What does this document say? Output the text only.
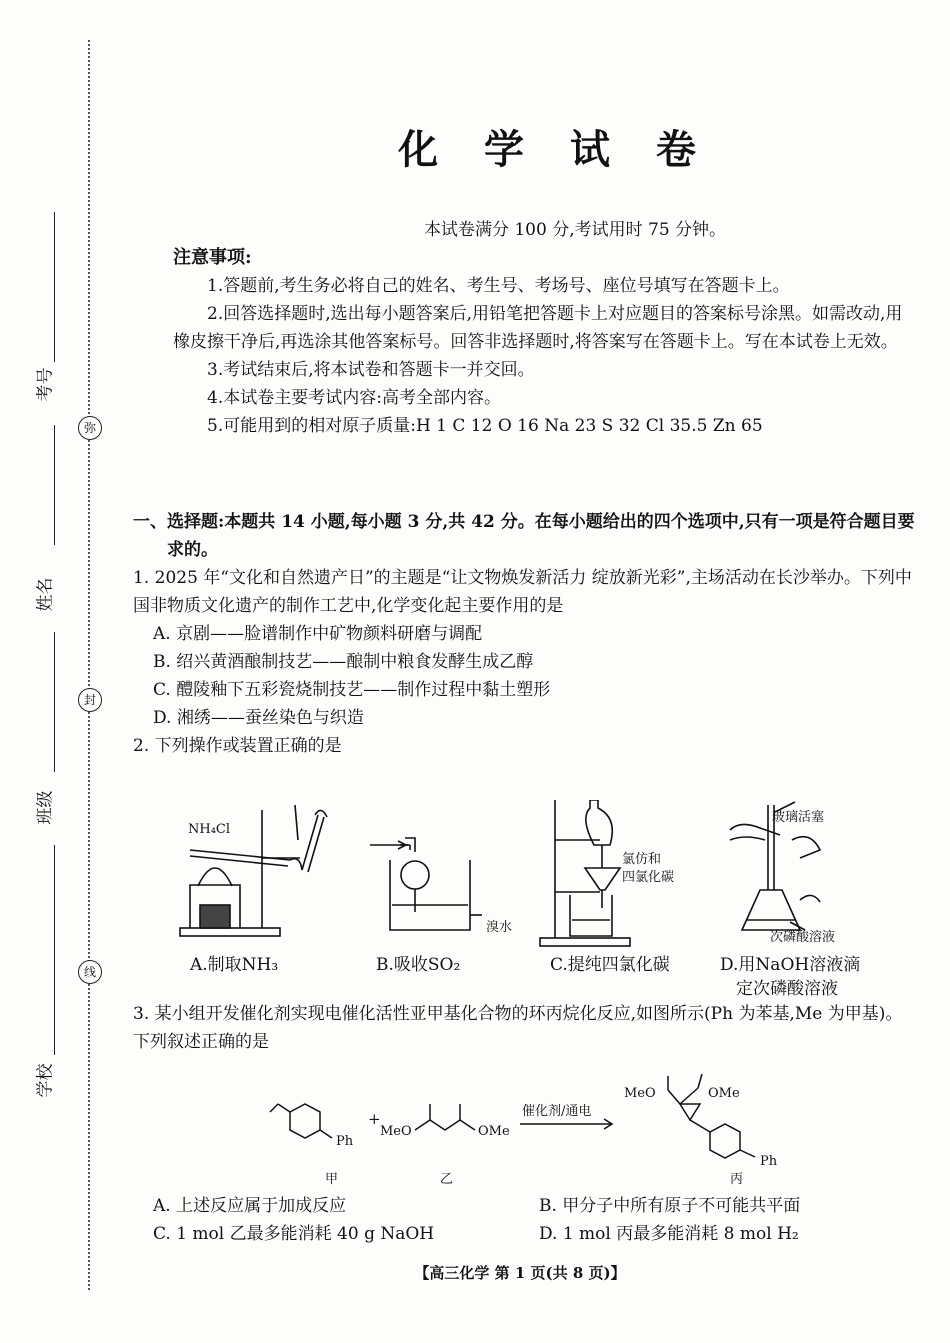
考号
姓名
班级
学校
弥
封
线
化 学 试 卷

本试卷满分 100 分,考试用时 75 分钟。

注意事项:

1.答题前,考生务必将自己的姓名、考生号、考场号、座位号填写在答题卡上。

2.回答选择题时,选出每小题答案后,用铅笔把答题卡上对应题目的答案标号涂黑。如需改动,用橡皮擦干净后,再选涂其他答案标号。回答非选择题时,将答案写在答题卡上。写在本试卷上无效。

3.考试结束后,将本试卷和答题卡一并交回。

4.本试卷主要考试内容:高考全部内容。

5.可能用到的相对原子质量:H 1 C 12 O 16 Na 23 S 32 Cl 35.5 Zn 65

一、选择题:本题共 14 小题,每小题 3 分,共 42 分。在每小题给出的四个选项中,只有一项是符合题目要求的。

1. 2025 年“文化和自然遗产日”的主题是“让文物焕发新活力 绽放新光彩”,主场活动在长沙举办。下列中国非物质文化遗产的制作工艺中,化学变化起主要作用的是

A. 京剧——脸谱制作中矿物颜料研磨与调配

B. 绍兴黄酒酿制技艺——酿制中粮食发酵生成乙醇

C. 醴陵釉下五彩瓷烧制技艺——制作过程中黏土塑形

D. 湘绣——蚕丝染色与织造

2. 下列操作或装置正确的是

NH₄Cl
溴水
氯仿和
四氯化碳
玻璃活塞
次磷酸溶液
A.制取NH₃	B.吸收SO₂	C.提纯四氯化碳	D.用NaOH溶液滴
定次磷酸溶液

3. 某小组开发催化剂实现电催化活性亚甲基化合物的环丙烷化反应,如图所示(Ph 为苯基,Me 为甲基)。下列叙述正确的是

Ph
+
MeO	OMe
催化剂/通电
MeO	OMe
Ph
甲	乙	丙
A. 上述反应属于加成反应	B. 甲分子中所有原子不可能共平面
C. 1 mol 乙最多能消耗 40 g NaOH	D. 1 mol 丙最多能消耗 8 mol H₂
【高三化学 第 1 页(共 8 页)】
